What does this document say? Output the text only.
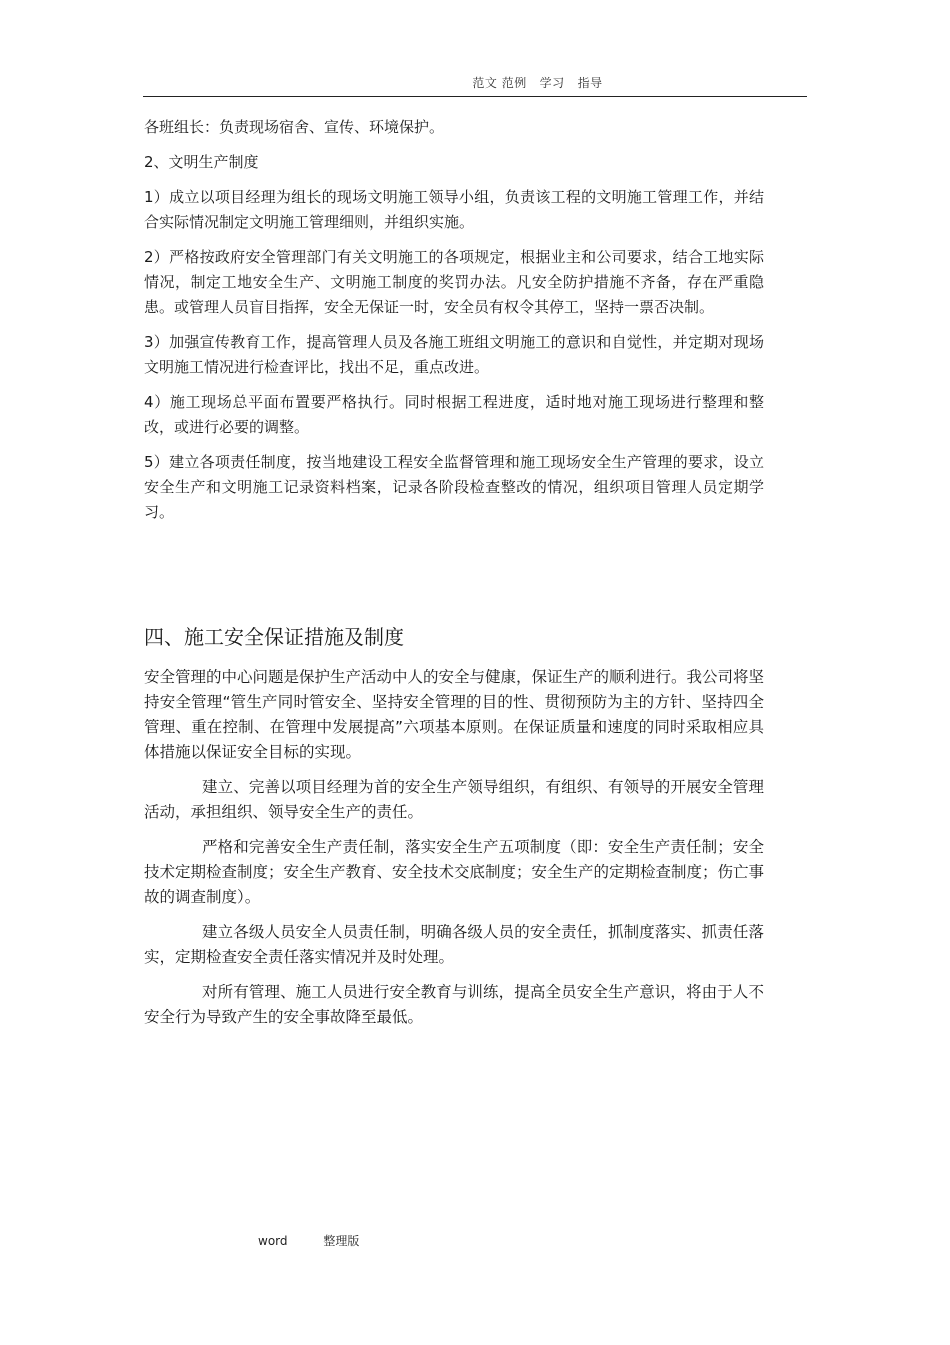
范文 范例   学习   指导

各班组长：负责现场宿舍、宣传、环境保护。

2、文明生产制度

1）成立以项目经理为组长的现场文明施工领导小组，负责该工程的文明施工管理工作，并结合实际情况制定文明施工管理细则，并组织实施。

2）严格按政府安全管理部门有关文明施工的各项规定，根据业主和公司要求，结合工地实际情况，制定工地安全生产、文明施工制度的奖罚办法。凡安全防护措施不齐备，存在严重隐患。或管理人员盲目指挥，安全无保证一时，安全员有权令其停工，坚持一票否决制。

3）加强宣传教育工作，提高管理人员及各施工班组文明施工的意识和自觉性，并定期对现场文明施工情况进行检查评比，找出不足，重点改进。

4）施工现场总平面布置要严格执行。同时根据工程进度，适时地对施工现场进行整理和整改，或进行必要的调整。

5）建立各项责任制度，按当地建设工程安全监督管理和施工现场安全生产管理的要求，设立安全生产和文明施工记录资料档案，记录各阶段检查整改的情况，组织项目管理人员定期学习。

四、施工安全保证措施及制度

安全管理的中心问题是保护生产活动中人的安全与健康，保证生产的顺利进行。我公司将坚持安全管理“管生产同时管安全、坚持安全管理的目的性、贯彻预防为主的方针、坚持四全管理、重在控制、在管理中发展提高”六项基本原则。在保证质量和速度的同时采取相应具体措施以保证安全目标的实现。

建立、完善以项目经理为首的安全生产领导组织，有组织、有领导的开展安全管理活动，承担组织、领导安全生产的责任。

严格和完善安全生产责任制，落实安全生产五项制度（即：安全生产责任制；安全技术定期检查制度；安全生产教育、安全技术交底制度；安全生产的定期检查制度；伤亡事故的调查制度）。

建立各级人员安全人员责任制，明确各级人员的安全责任，抓制度落实、抓责任落实，定期检查安全责任落实情况并及时处理。

对所有管理、施工人员进行安全教育与训练，提高全员安全生产意识，将由于人不安全行为导致产生的安全事故降至最低。

word	整理版
